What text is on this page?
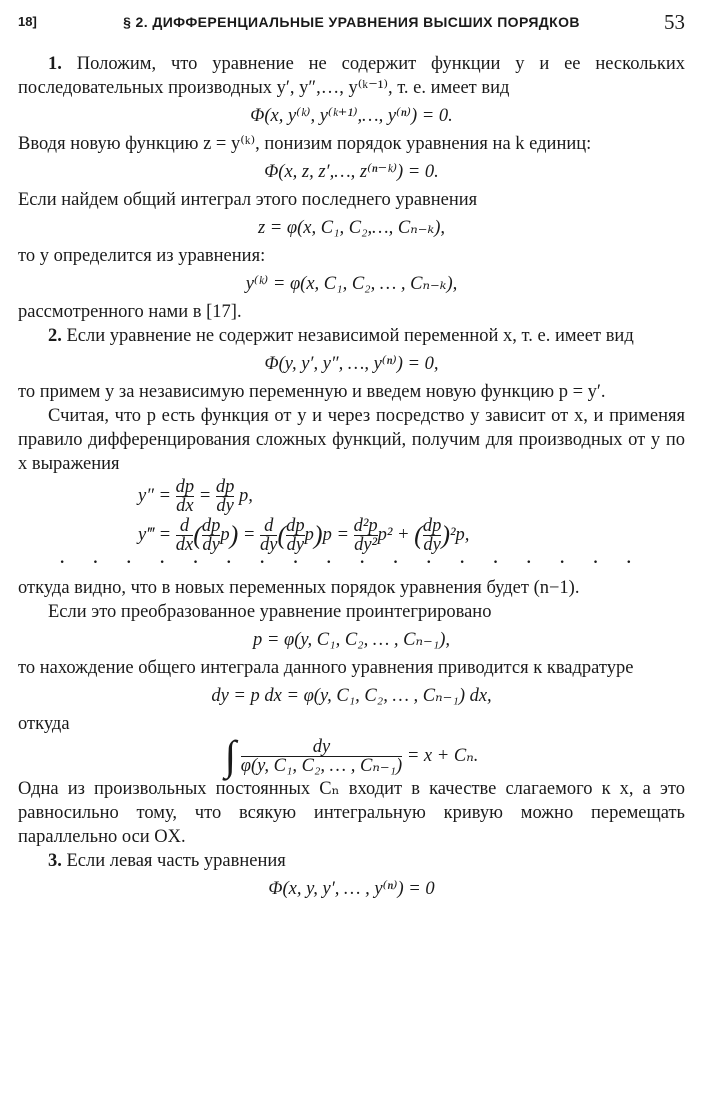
18]	§ 2. ДИФФЕРЕНЦИАЛЬНЫЕ УРАВНЕНИЯ ВЫСШИХ ПОРЯДКОВ	53

1. Положим, что уравнение не содержит функции y и ее нескольких последовательных производных y′, y″,…, y⁽ᵏ⁻¹⁾, т. е. имеет вид

Φ(x, y⁽ᵏ⁾, y⁽ᵏ⁺¹⁾,…, y⁽ⁿ⁾) = 0.

Вводя новую функцию z = y⁽ᵏ⁾, понизим порядок уравнения на k единиц:

Φ(x, z, z′,…, z⁽ⁿ⁻ᵏ⁾) = 0.

Если найдем общий интеграл этого последнего уравнения

z = φ(x, C₁, C₂,…, Cₙ₋ₖ),

то y определится из уравнения:

y⁽ᵏ⁾ = φ(x, C₁, C₂, … , Cₙ₋ₖ),

рассмотренного нами в [17].

2. Если уравнение не содержит независимой переменной x, т. е. имеет вид

Φ(y, y′, y″, …, y⁽ⁿ⁾) = 0,

то примем y за независимую переменную и введем новую функцию p = y′.

Считая, что p есть функция от y и через посредство y зависит от x, и применяя правило дифференцирования сложных функций, получим для производных от y по x выражения

$y'' = \frac{dp}{dx} = \frac{dp}{dy} p$,
y‴ = $\frac{d}{dx}$ ( $\frac{dp}{dy} p) = \frac{d}{dy}$ ( $\frac{dp}{dy} p)p = \frac{\text{d²p}}{\text{dy²}} p^2$ + ( $\frac{dp}{dy} )^2p$,
· · · · · · · · · · · · · · · · · ·

откуда видно, что в новых переменных порядок уравнения будет (n−1).

Если это преобразованное уравнение проинтегрировано

p = φ(y, C₁, C₂, … , Cₙ₋₁),

то нахождение общего интеграла данного уравнения приводится к квадратуре

dy = p dx = φ(y, C₁, C₂, … , Cₙ₋₁) dx,

откуда

∫ $\frac{dy}{\text{φ(y, C₁, C₂, … , Cₙ₋₁)}} = x + C_n$.

Одна из произвольных постоянных Cₙ входит в качестве слагаемого к x, а это равносильно тому, что всякую интегральную кривую можно перемещать параллельно оси OX.

3. Если левая часть уравнения

Φ(x, y, y′, … , y⁽ⁿ⁾) = 0
